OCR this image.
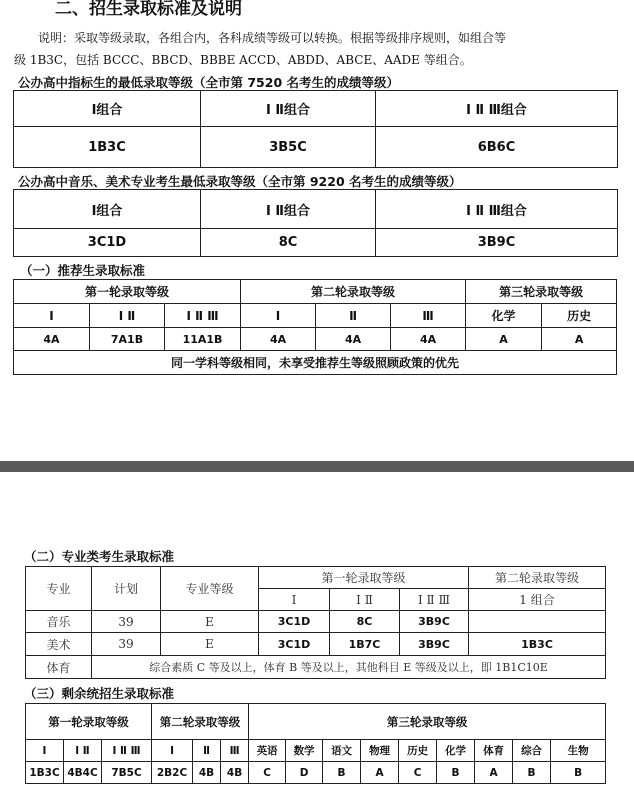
二、招生录取标准及说明
说明：采取等级录取，各组合内，各科成绩等级可以转换。根据等级排序规则，如组合等
级 1B3C，包括 BCCC、BBCD、BBBE ACCD、ABDD、ABCE、AADE 等组合。
公办高中指标生的最低录取等级（全市第 7520 名考生的成绩等级）
Ⅰ组合	Ⅰ Ⅱ组合	Ⅰ Ⅱ Ⅲ组合
1B3C	3B5C	6B6C
公办高中音乐、美术专业考生最低录取等级（全市第 9220 名考生的成绩等级）
Ⅰ组合	Ⅰ Ⅱ组合	Ⅰ Ⅱ Ⅲ组合
3C1D	8C	3B9C
（一）推荐生录取标准
第一轮录取等级			第二轮录取等级			第三轮录取等级	
Ⅰ	Ⅰ Ⅱ	Ⅰ Ⅱ Ⅲ	Ⅰ	Ⅱ	Ⅲ	化学	历史
4A	7A1B	11A1B	4A	4A	4A	A	A
同一学科等级相同，未享受推荐生等级照顾政策的优先							
（二）专业类考生录取标准
专业	计划	专业等级	第一轮录取等级			第二轮录取等级
			Ⅰ	Ⅰ Ⅱ	Ⅰ Ⅱ Ⅲ	1 组合
音乐	39	E	3C1D	8C	3B9C	
美术	39	E	3C1D	1B7C	3B9C	1B3C
体育	综合素质 C 等及以上，体育 B 等及以上，其他科目 E 等级及以上，即 1B1C10E					
（三）剩余统招生录取标准
第一轮录取等级			第二轮录取等级			第三轮录取等级								
Ⅰ	Ⅰ Ⅱ	Ⅰ Ⅱ Ⅲ	Ⅰ	Ⅱ	Ⅲ	英语	数学	语文	物理	历史	化学	体育	综合	生物
1B3C	4B4C	7B5C	2B2C	4B	4B	C	D	B	A	C	B	A	B	B
